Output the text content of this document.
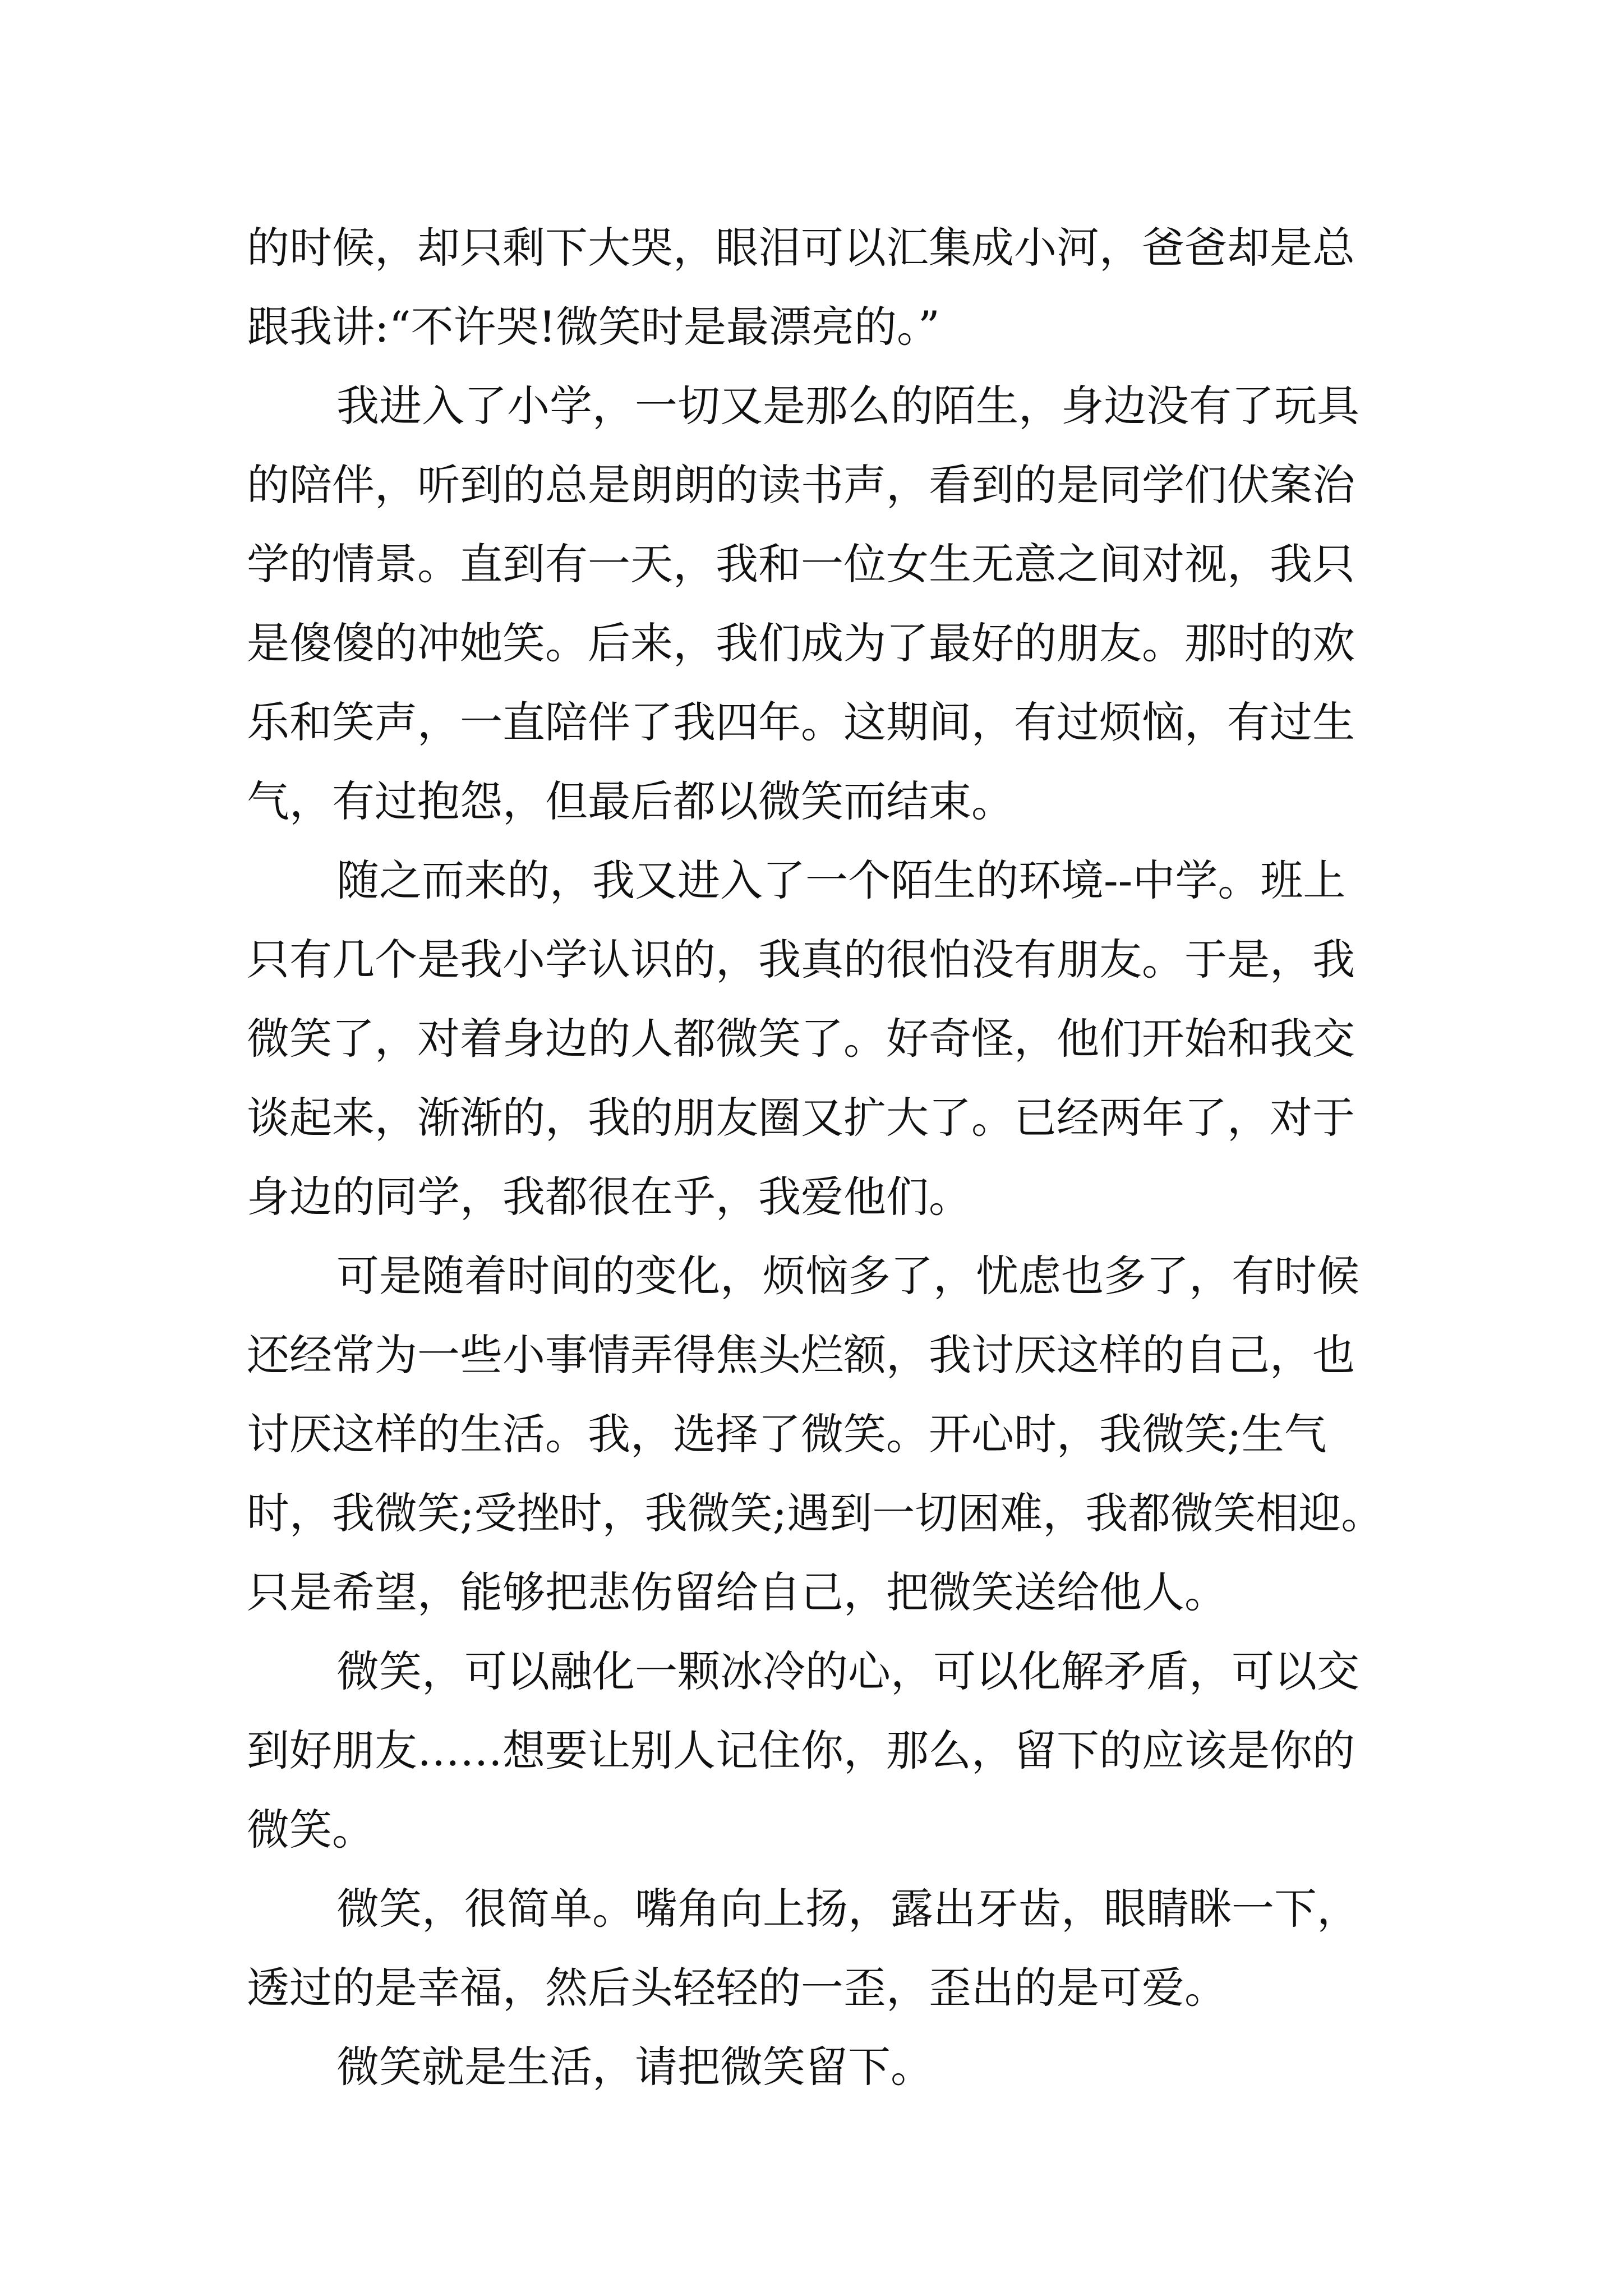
的时候，却只剩下大哭，眼泪可以汇集成小河，爸爸却是总

跟我讲:“不许哭!微笑时是最漂亮的。”

我进入了小学，一切又是那么的陌生，身边没有了玩具

的陪伴，听到的总是朗朗的读书声，看到的是同学们伏案治

学的情景。直到有一天，我和一位女生无意之间对视，我只

是傻傻的冲她笑。后来，我们成为了最好的朋友。那时的欢

乐和笑声，一直陪伴了我四年。这期间，有过烦恼，有过生

气，有过抱怨，但最后都以微笑而结束。

随之而来的，我又进入了一个陌生的环境--中学。班上

只有几个是我小学认识的，我真的很怕没有朋友。于是，我

微笑了，对着身边的人都微笑了。好奇怪，他们开始和我交

谈起来，渐渐的，我的朋友圈又扩大了。已经两年了，对于

身边的同学，我都很在乎，我爱他们。

可是随着时间的变化，烦恼多了，忧虑也多了，有时候

还经常为一些小事情弄得焦头烂额，我讨厌这样的自己，也

讨厌这样的生活。我，选择了微笑。开心时，我微笑;生气

时，我微笑;受挫时，我微笑;遇到一切困难，我都微笑相迎。

只是希望，能够把悲伤留给自己，把微笑送给他人。

微笑，可以融化一颗冰冷的心，可以化解矛盾，可以交

到好朋友……想要让别人记住你，那么，留下的应该是你的

微笑。

微笑，很简单。嘴角向上扬，露出牙齿，眼睛眯一下，

透过的是幸福，然后头轻轻的一歪，歪出的是可爱。

微笑就是生活，请把微笑留下。
